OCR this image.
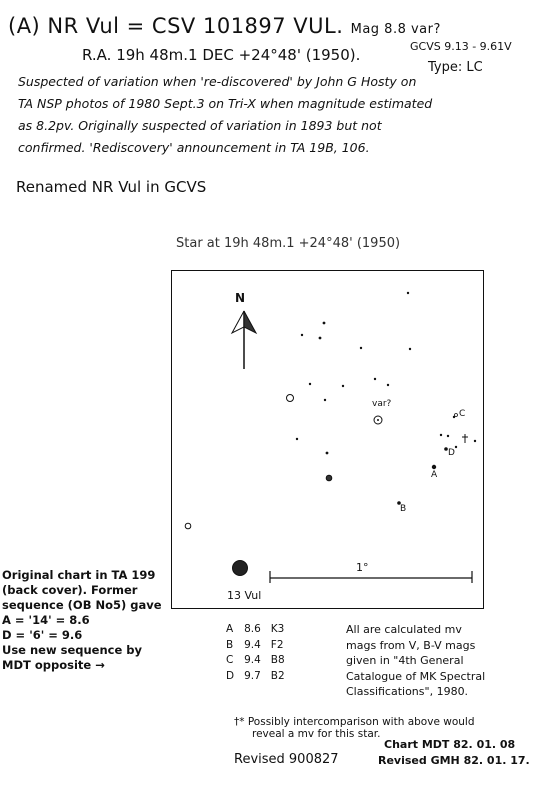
(A) NR Vul = CSV 101897 VUL. Mag 8.8 var?
R.A. 19h 48m.1 DEC +24°48' (1950).	GCVS 9.13 - 9.61V
Type: LC
Suspected of variation when 're-discovered' by John G Hosty on
TA NSP photos of 1980 Sept.3 on Tri-X when magnitude estimated
as 8.2pv. Originally suspected of variation in 1893 but not
confirmed. 'Rediscovery' announcement in TA 19B, 106.
Renamed NR Vul in GCVS
Star at 19h 48m.1 +24°48' (1950)
N
var?
A
B
C
D
1°
13 Vul
Original chart in TA 199
(back cover). Former
sequence (OB No5) gave
A = '14' = 8.6
D = '6' = 9.6
Use new sequence by
MDT opposite →
A	8.6	K3
B	9.4	F2
C	9.4	B8
D	9.7	B2
All are calculated mv
mags from V, B-V mags
given in "4th General
Catalogue of MK Spectral
Classifications", 1980.
†* Possibly intercomparison with above would
reveal a mv for this star.
Chart MDT 82. 01. 08
Revised 900827	Revised GMH 82. 01. 17.
